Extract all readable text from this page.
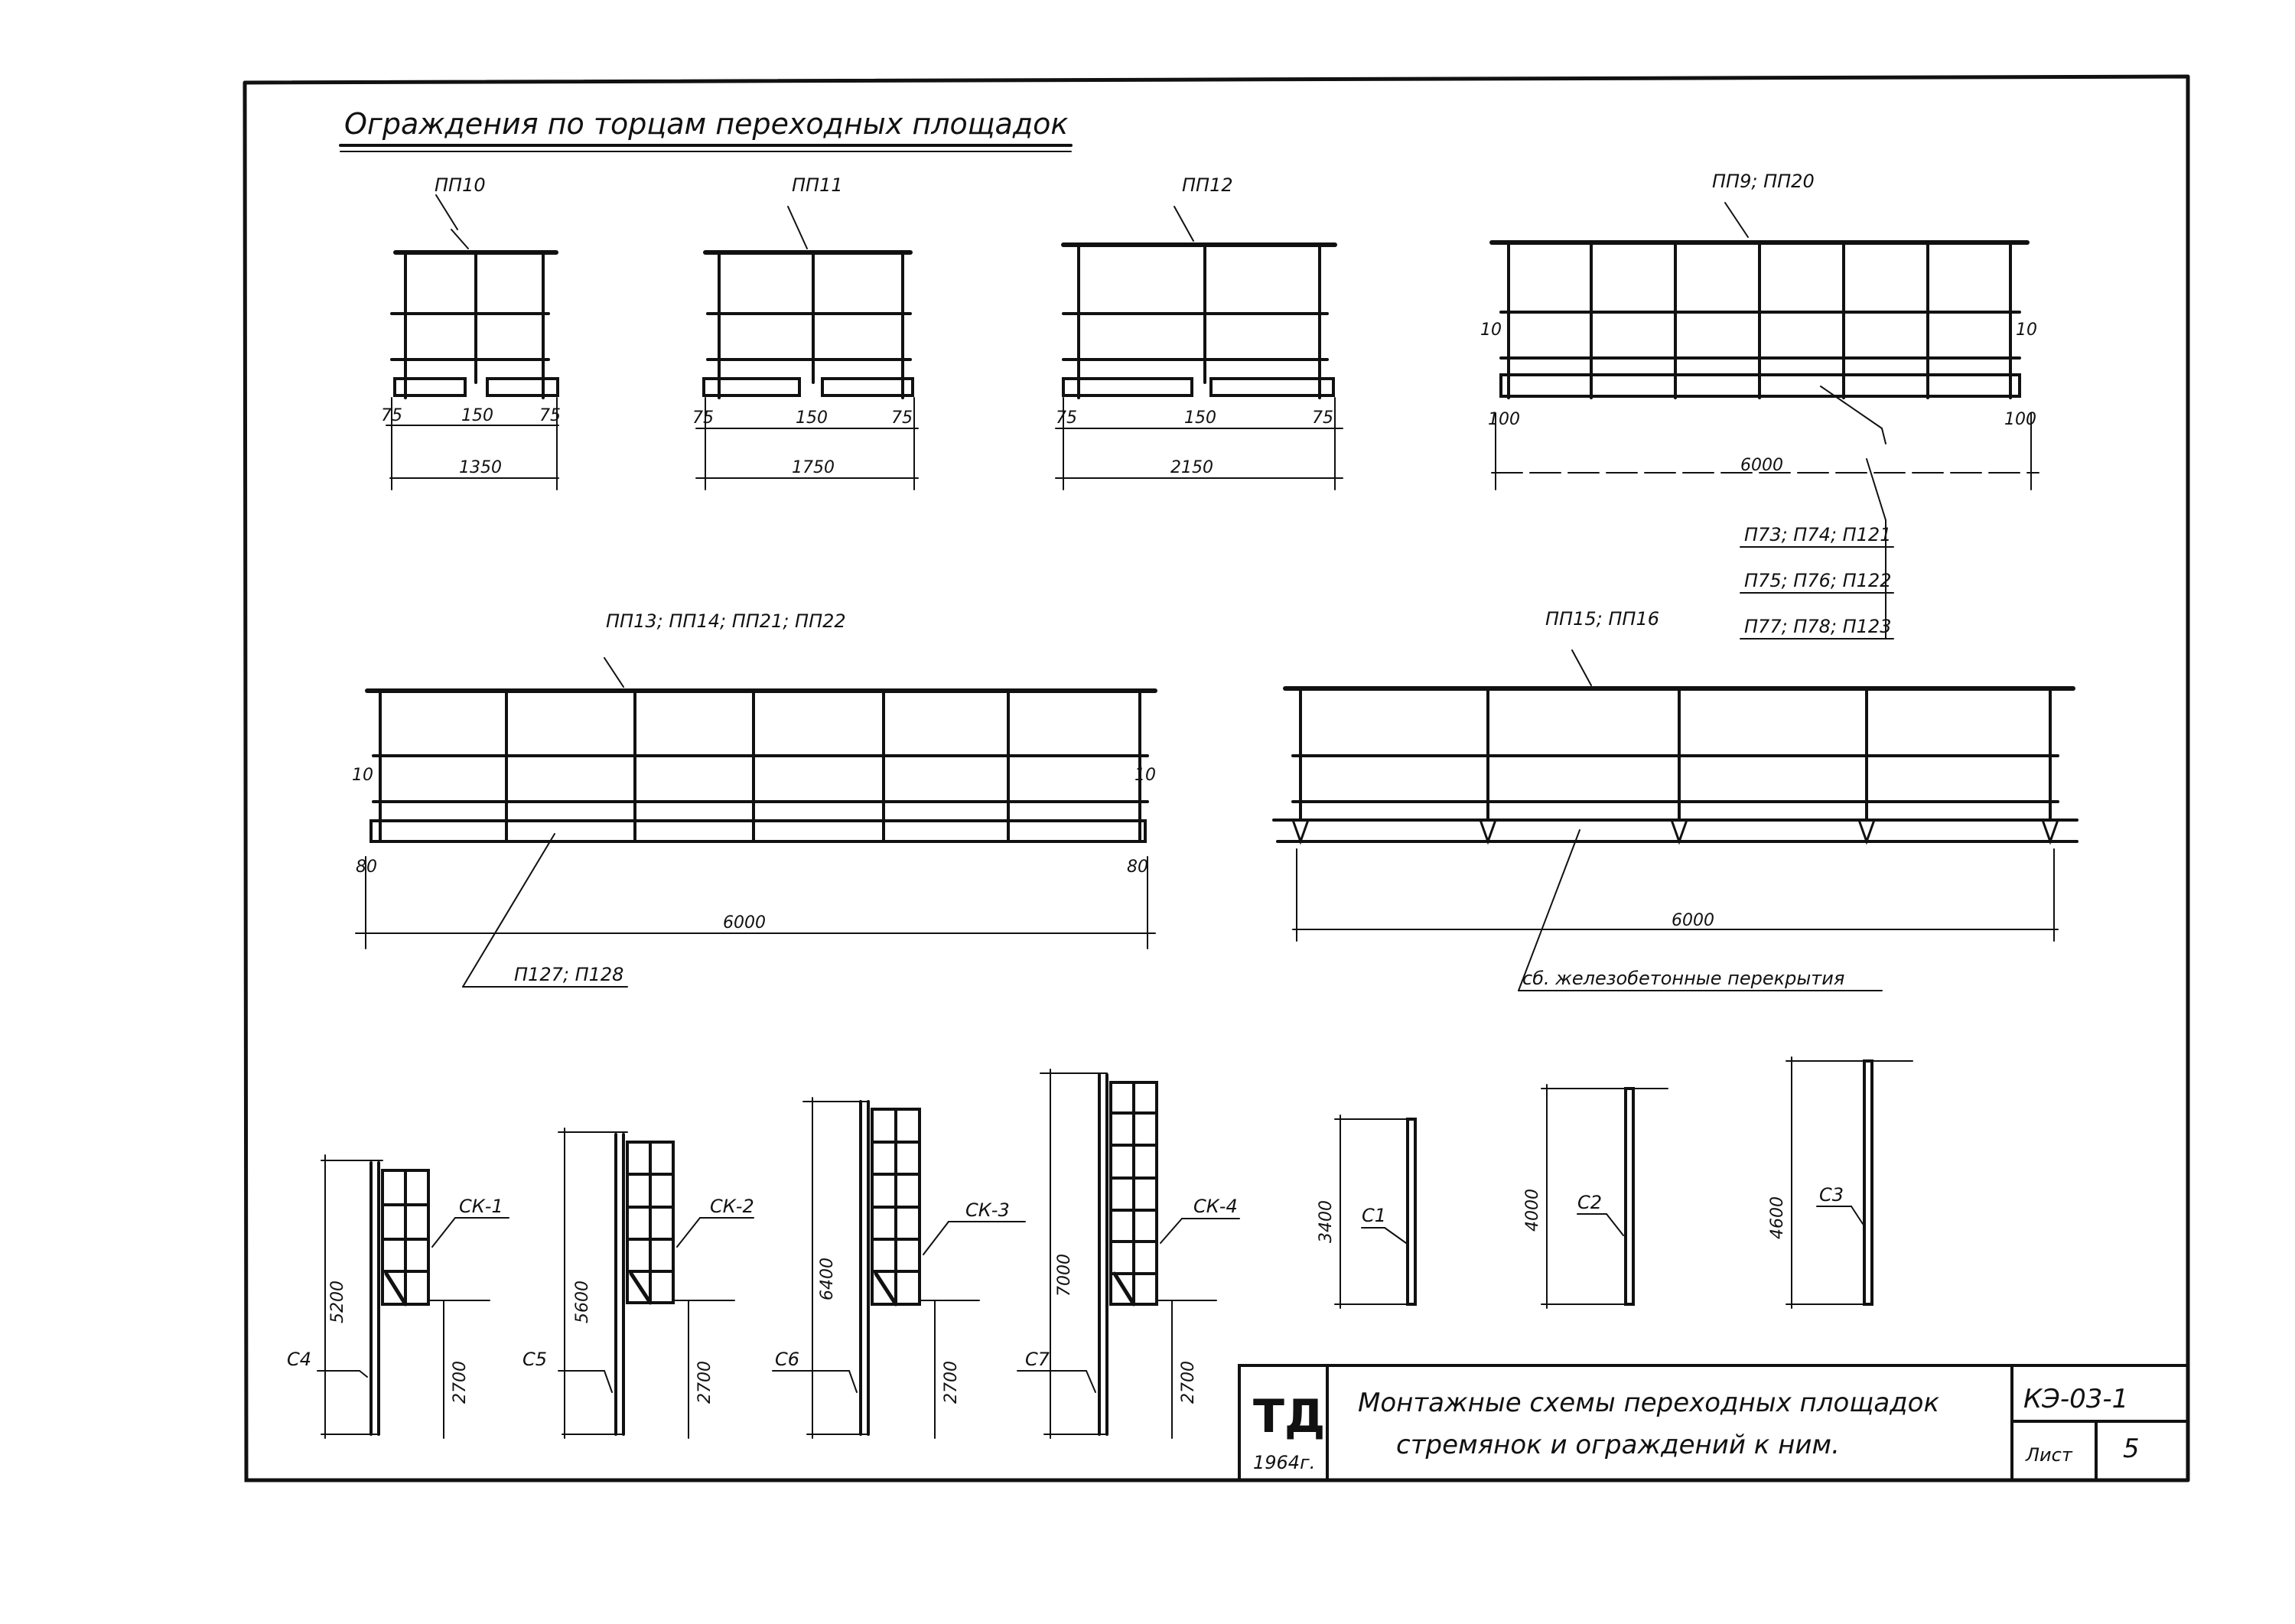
Ограждения по торцам переходных площадок
ПП10
75	150	75
1350
ПП11
75	150	75
1750
ПП12
75	150	75
2150
ПП9; ПП20
10	10
100	100
6000
П73; П74; П121
П75; П76; П122
П77; П78; П123
ПП13; ПП14; ПП21; ПП22
10	10
80	80
6000
П127; П128
ПП15; ПП16
6000
сб. железобетонные перекрытия
СК-1
С4
5200
2700
СК-2
С5
5600
2700
СК-3
С6
6400
2700
СК-4
С7
7000
2700
С1
3400	С2
4000	С3
4600
ТД
1964г.
Монтажные схемы переходных площадок
стремянок и ограждений к ним.
КЭ-03-1
Лист 5
